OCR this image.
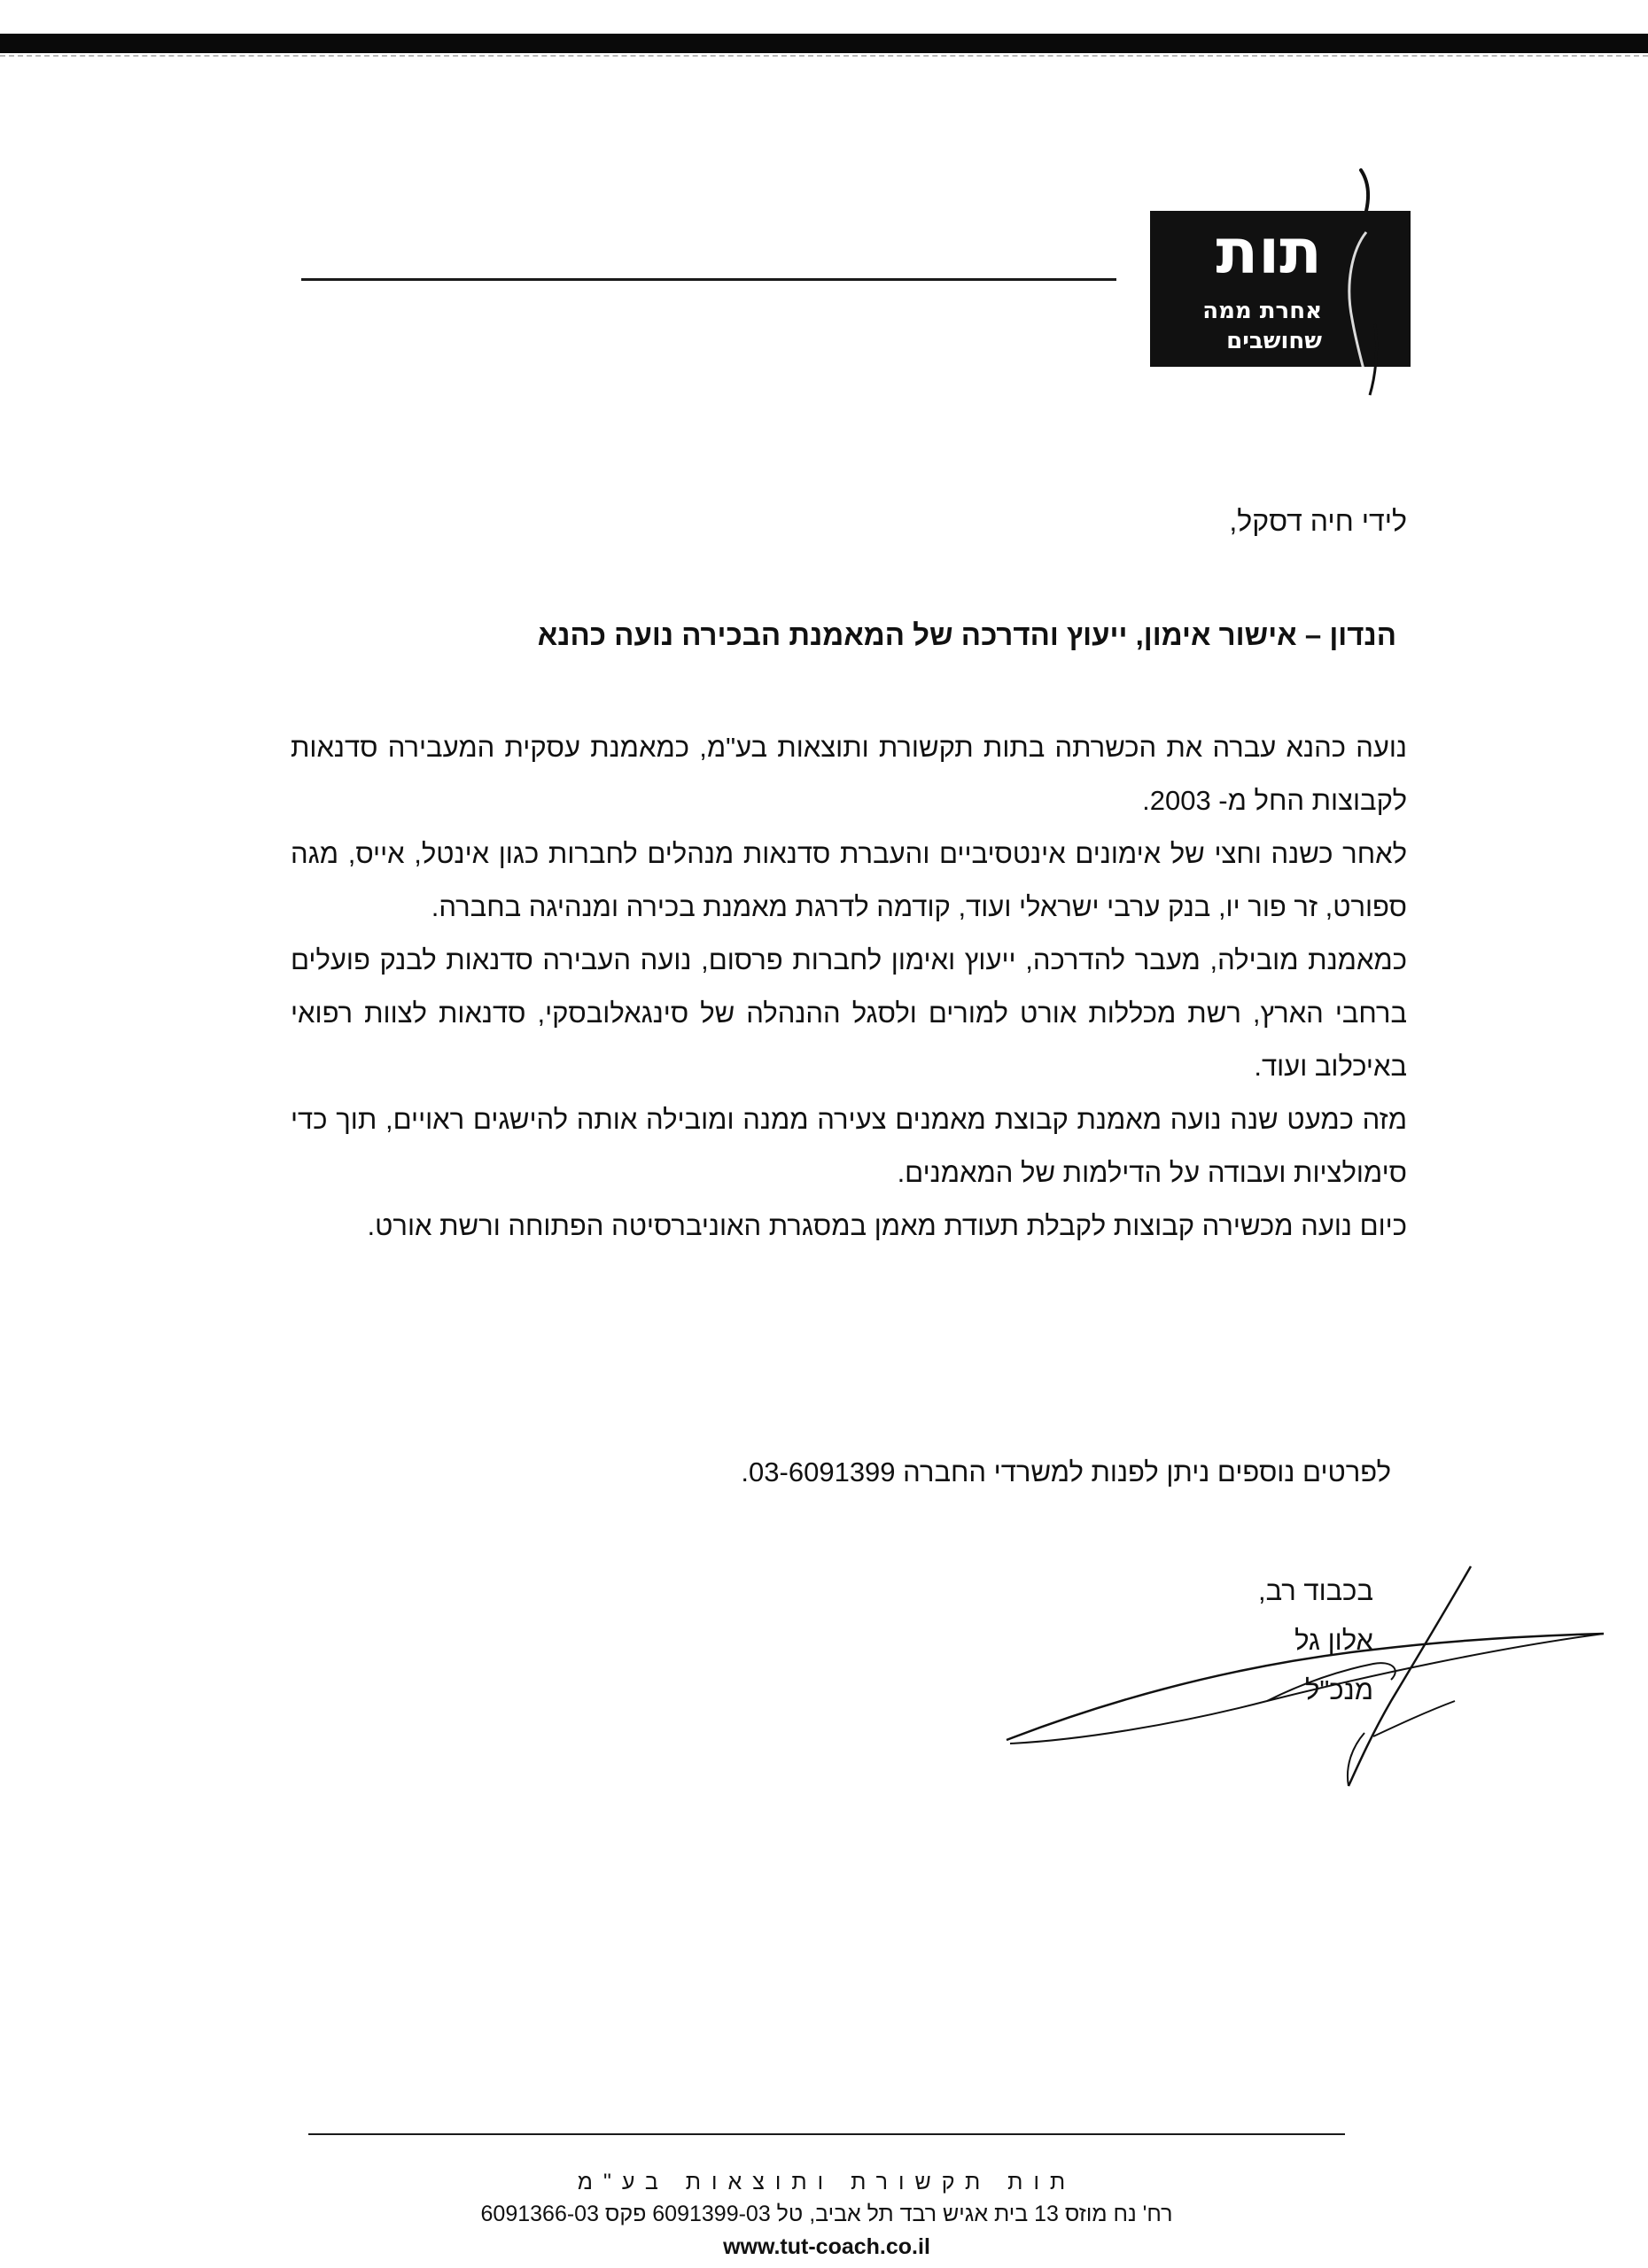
תות
אחרת ממה שחושבים
לידי חיה דסקל,
הנדון – אישור אימון, ייעוץ והדרכה של המאמנת הבכירה נועה כהנא

נועה כהנא עברה את הכשרתה בתות תקשורת ותוצאות בע"מ, כמאמנת עסקית המעבירה סדנאות לקבוצות החל מ- 2003.

לאחר כשנה וחצי של אימונים אינטסיביים והעברת סדנאות מנהלים לחברות כגון אינטל, אייס, מגה ספורט, זר פור יו, בנק ערבי ישראלי ועוד, קודמה לדרגת מאמנת בכירה ומנהיגה בחברה.

כמאמנת מובילה, מעבר להדרכה, ייעוץ ואימון לחברות פרסום, נועה העבירה סדנאות לבנק פועלים ברחבי הארץ, רשת מכללות אורט למורים ולסגל ההנהלה של סינגאלובסקי, סדנאות לצוות רפואי באיכלוב ועוד.

מזה כמעט שנה נועה מאמנת קבוצת מאמנים צעירה ממנה ומובילה אותה להישגים ראויים, תוך כדי סימולציות ועבודה על הדילמות של המאמנים.

כיום נועה מכשירה קבוצות לקבלת תעודת מאמן במסגרת האוניברסיטה הפתוחה ורשת אורט.

לפרטים נוספים ניתן לפנות למשרדי החברה 03-6091399.
בכבוד רב,
אלון גל
מנכ"ל
תות תקשורת ותוצאות בע"מ
רח' נח מוזס 13 בית אגיש רבד תל אביב, טל 6091399-03 פקס 6091366-03
www.tut-coach.co.il
